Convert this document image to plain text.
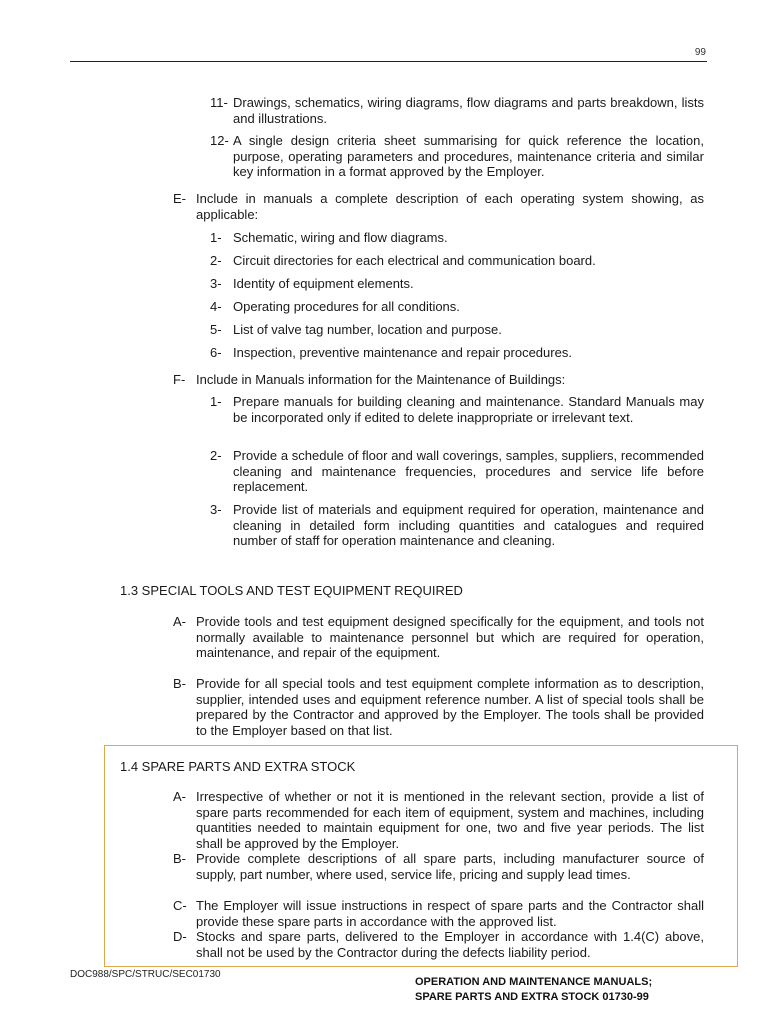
99
11- Drawings, schematics, wiring diagrams, flow diagrams and parts breakdown, lists and illustrations.
12- A single design criteria sheet summarising for quick reference the location, purpose, operating parameters and procedures, maintenance criteria and similar key information in a format approved by the Employer.
E- Include in manuals a complete description of each operating system showing, as applicable:
1- Schematic, wiring and flow diagrams.
2- Circuit directories for each electrical and communication board.
3- Identity of equipment elements.
4- Operating procedures for all conditions.
5- List of valve tag number, location and purpose.
6- Inspection, preventive maintenance and repair procedures.
F- Include in Manuals information for the Maintenance of Buildings:
1- Prepare manuals for building cleaning and maintenance. Standard Manuals may be incorporated only if edited to delete inappropriate or irrelevant text.
2- Provide a schedule of floor and wall coverings, samples, suppliers, recommended cleaning and maintenance frequencies, procedures and service life before replacement.
3- Provide list of materials and equipment required for operation, maintenance and cleaning in detailed form including quantities and catalogues and required number of staff for operation maintenance and cleaning.
1.3 SPECIAL TOOLS AND TEST EQUIPMENT REQUIRED
A- Provide tools and test equipment designed specifically for the equipment, and tools not normally available to maintenance personnel but which are required for operation, maintenance, and repair of the equipment.
B- Provide for all special tools and test equipment complete information as to description, supplier, intended uses and equipment reference number. A list of special tools shall be prepared by the Contractor and approved by the Employer. The tools shall be provided to the Employer based on that list.
1.4 SPARE PARTS AND EXTRA STOCK
A- Irrespective of whether or not it is mentioned in the relevant section, provide a list of spare parts recommended for each item of equipment, system and machines, including quantities needed to maintain equipment for one, two and five year periods. The list shall be approved by the Employer.
B- Provide complete descriptions of all spare parts, including manufacturer source of supply, part number, where used, service life, pricing and supply lead times.
C- The Employer will issue instructions in respect of spare parts and the Contractor shall provide these spare parts in accordance with the approved list.
D- Stocks and spare parts, delivered to the Employer in accordance with 1.4(C) above, shall not be used by the Contractor during the defects liability period.
DOC988/SPC/STRUC/SEC01730
OPERATION AND MAINTENANCE MANUALS;
SPARE PARTS AND EXTRA STOCK 01730-99
